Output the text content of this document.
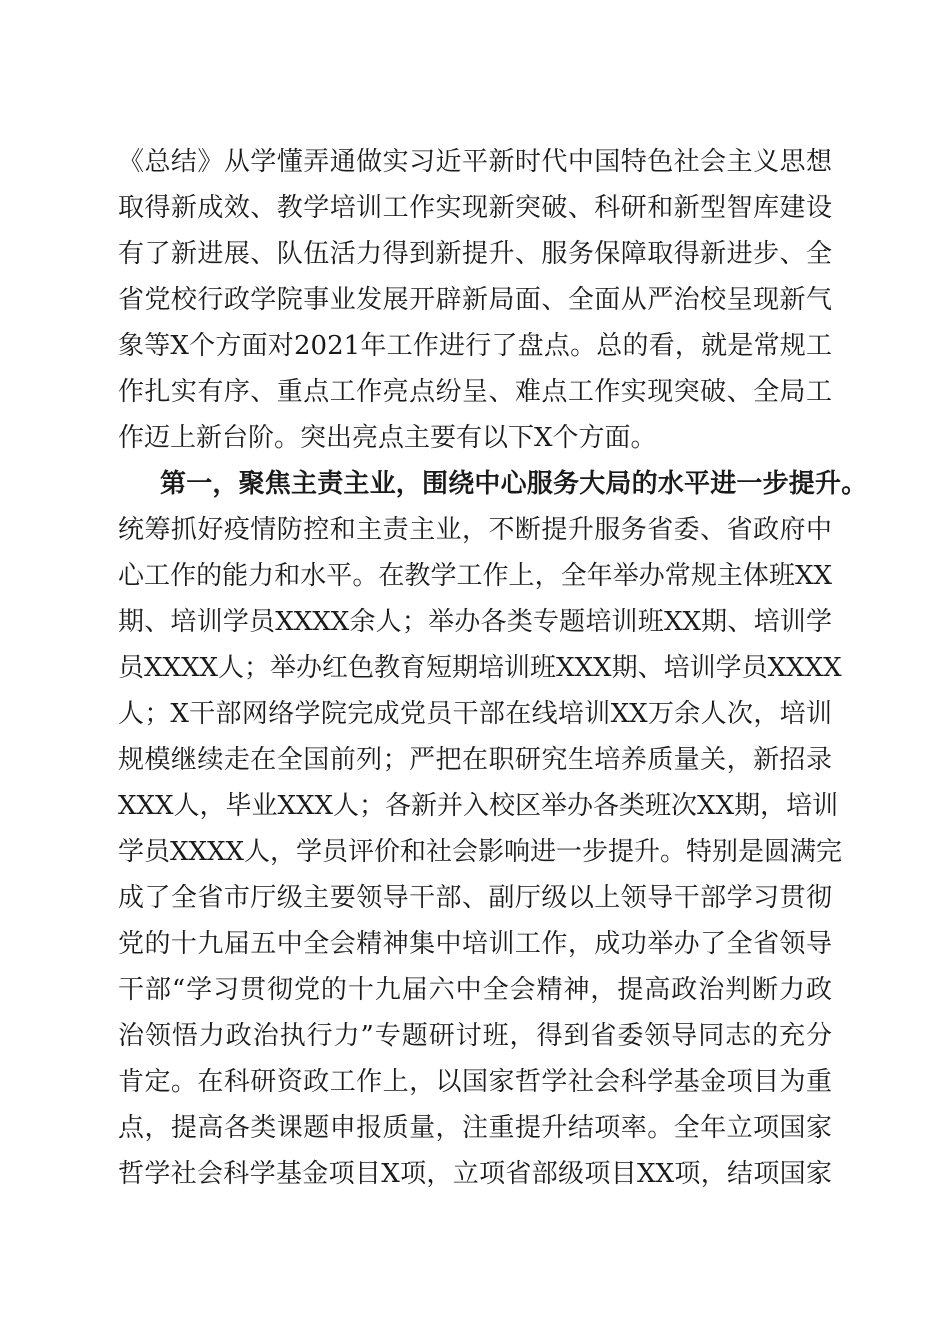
《总结》从学懂弄通做实习近平新时代中国特色社会主义思想

取得新成效、教学培训工作实现新突破、科研和新型智库建设

有了新进展、队伍活力得到新提升、服务保障取得新进步、全

省党校行政学院事业发展开辟新局面、全面从严治校呈现新气

象等X个方面对2021年工作进行了盘点。总的看，就是常规工

作扎实有序、重点工作亮点纷呈、难点工作实现突破、全局工

作迈上新台阶。突出亮点主要有以下X个方面。

第一，聚焦主责主业，围绕中心服务大局的水平进一步提升。

统筹抓好疫情防控和主责主业，不断提升服务省委、省政府中

心工作的能力和水平。在教学工作上，全年举办常规主体班XX

期、培训学员XXXX余人；举办各类专题培训班XX期、培训学

员XXXX人；举办红色教育短期培训班XXX期、培训学员XXXX

人；X干部网络学院完成党员干部在线培训XX万余人次，培训

规模继续走在全国前列；严把在职研究生培养质量关，新招录

XXX人，毕业XXX人；各新并入校区举办各类班次XX期，培训

学员XXXX人，学员评价和社会影响进一步提升。特别是圆满完

成了全省市厅级主要领导干部、副厅级以上领导干部学习贯彻

党的十九届五中全会精神集中培训工作，成功举办了全省领导

干部“学习贯彻党的十九届六中全会精神，提高政治判断力政

治领悟力政治执行力”专题研讨班，得到省委领导同志的充分

肯定。在科研资政工作上，以国家哲学社会科学基金项目为重

点，提高各类课题申报质量，注重提升结项率。全年立项国家

哲学社会科学基金项目X项，立项省部级项目XX项，结项国家
